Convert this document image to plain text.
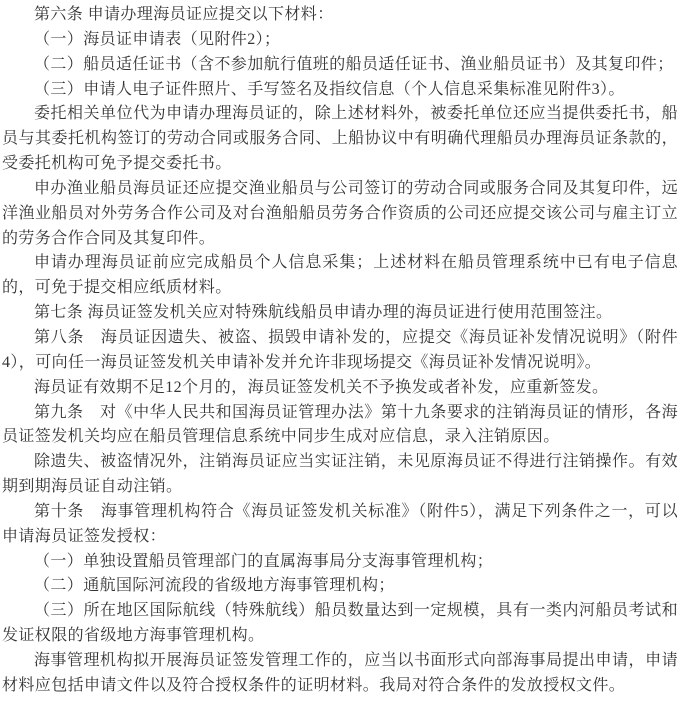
第六条 申请办理海员证应提交以下材料：

（一）海员证申请表（见附件2）；

（二）船员适任证书（含不参加航行值班的船员适任证书、渔业船员证书）及其复印件；

（三）申请人电子证件照片、手写签名及指纹信息（个人信息采集标准见附件3）。

委托相关单位代为申请办理海员证的，除上述材料外，被委托单位还应当提供委托书，船员与其委托机构签订的劳动合同或服务合同、上船协议中有明确代理船员办理海员证条款的，受委托机构可免予提交委托书。

申办渔业船员海员证还应提交渔业船员与公司签订的劳动合同或服务合同及其复印件，远洋渔业船员对外劳务合作公司及对台渔船船员劳务合作资质的公司还应提交该公司与雇主订立的劳务合作合同及其复印件。

申请办理海员证前应完成船员个人信息采集；上述材料在船员管理系统中已有电子信息的，可免于提交相应纸质材料。

第七条 海员证签发机关应对特殊航线船员申请办理的海员证进行使用范围签注。

第八条　海员证因遗失、被盗、损毁申请补发的，应提交《海员证补发情况说明》（附件4），可向任一海员证签发机关申请补发并允许非现场提交《海员证补发情况说明》。

海员证有效期不足12个月的，海员证签发机关不予换发或者补发，应重新签发。

第九条　对《中华人民共和国海员证管理办法》第十九条要求的注销海员证的情形，各海员证签发机关均应在船员管理信息系统中同步生成对应信息，录入注销原因。

除遗失、被盗情况外，注销海员证应当实证注销，未见原海员证不得进行注销操作。有效期到期海员证自动注销。

第十条　海事管理机构符合《海员证签发机关标准》（附件5），满足下列条件之一，可以申请海员证签发授权：

（一）单独设置船员管理部门的直属海事局分支海事管理机构；

（二）通航国际河流段的省级地方海事管理机构；

（三）所在地区国际航线（特殊航线）船员数量达到一定规模，具有一类内河船员考试和发证权限的省级地方海事管理机构。

海事管理机构拟开展海员证签发管理工作的，应当以书面形式向部海事局提出申请，申请材料应包括申请文件以及符合授权条件的证明材料。我局对符合条件的发放授权文件。
